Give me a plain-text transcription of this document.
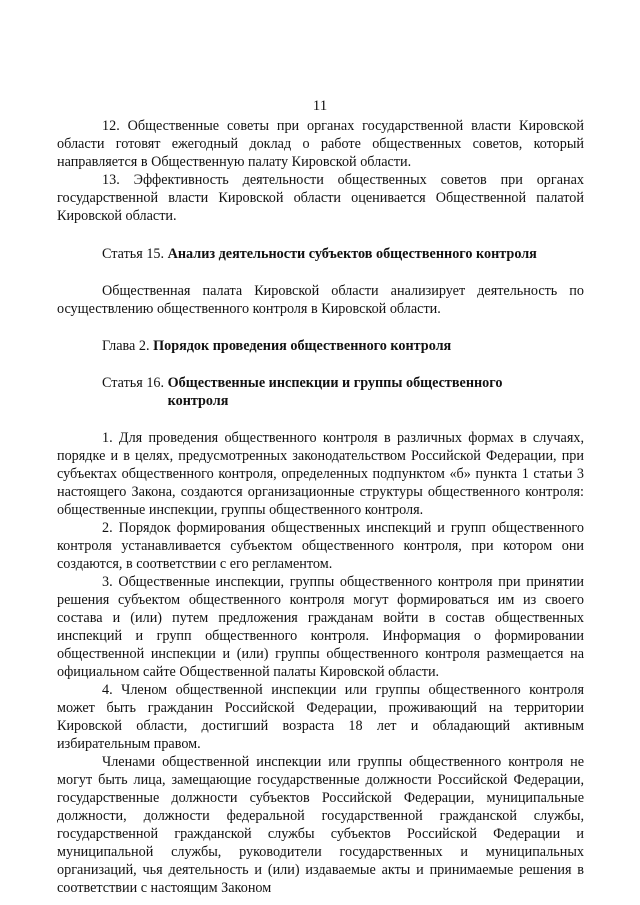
11

12. Общественные советы при органах государственной власти Кировской области готовят ежегодный доклад о работе общественных советов, который направляется в Общественную палату Кировской области.

13. Эффективность деятельности общественных советов при органах государственной власти Кировской области оценивается Общественной палатой Кировской области.

Статья 15. Анализ деятельности субъектов общественного контроля

Общественная палата Кировской области анализирует деятельность по осуществлению общественного контроля в Кировской области.

Глава 2. Порядок проведения общественного контроля

Статья 16. Общественные инспекции и группы общественного контроля

1. Для проведения общественного контроля в различных формах в случаях, порядке и в целях, предусмотренных законодательством Российской Федерации, при субъектах общественного контроля, определенных подпунктом «б» пункта 1 статьи 3 настоящего Закона, создаются организационные структуры общественного контроля: общественные инспекции, группы общественного контроля.

2. Порядок формирования общественных инспекций и групп общественного контроля устанавливается субъектом общественного контроля, при котором они создаются, в соответствии с его регламентом.

3. Общественные инспекции, группы общественного контроля при принятии решения субъектом общественного контроля могут формироваться им из своего состава и (или) путем предложения гражданам войти в состав общественных инспекций и групп общественного контроля. Информация о формировании общественной инспекции и (или) группы общественного контроля размещается на официальном сайте Общественной палаты Кировской области.

4. Членом общественной инспекции или группы общественного контроля может быть гражданин Российской Федерации, проживающий на территории Кировской области, достигший возраста 18 лет и обладающий активным избирательным правом.

Членами общественной инспекции или группы общественного контроля не могут быть лица, замещающие государственные должности Российской Федерации, государственные должности субъектов Российской Федерации, муниципальные должности, должности федеральной государственной гражданской службы, государственной гражданской службы субъектов Российской Федерации и муниципальной службы, руководители государственных и муниципальных организаций, чья деятельность и (или) издаваемые акты и принимаемые решения в соответствии с настоящим Законом
